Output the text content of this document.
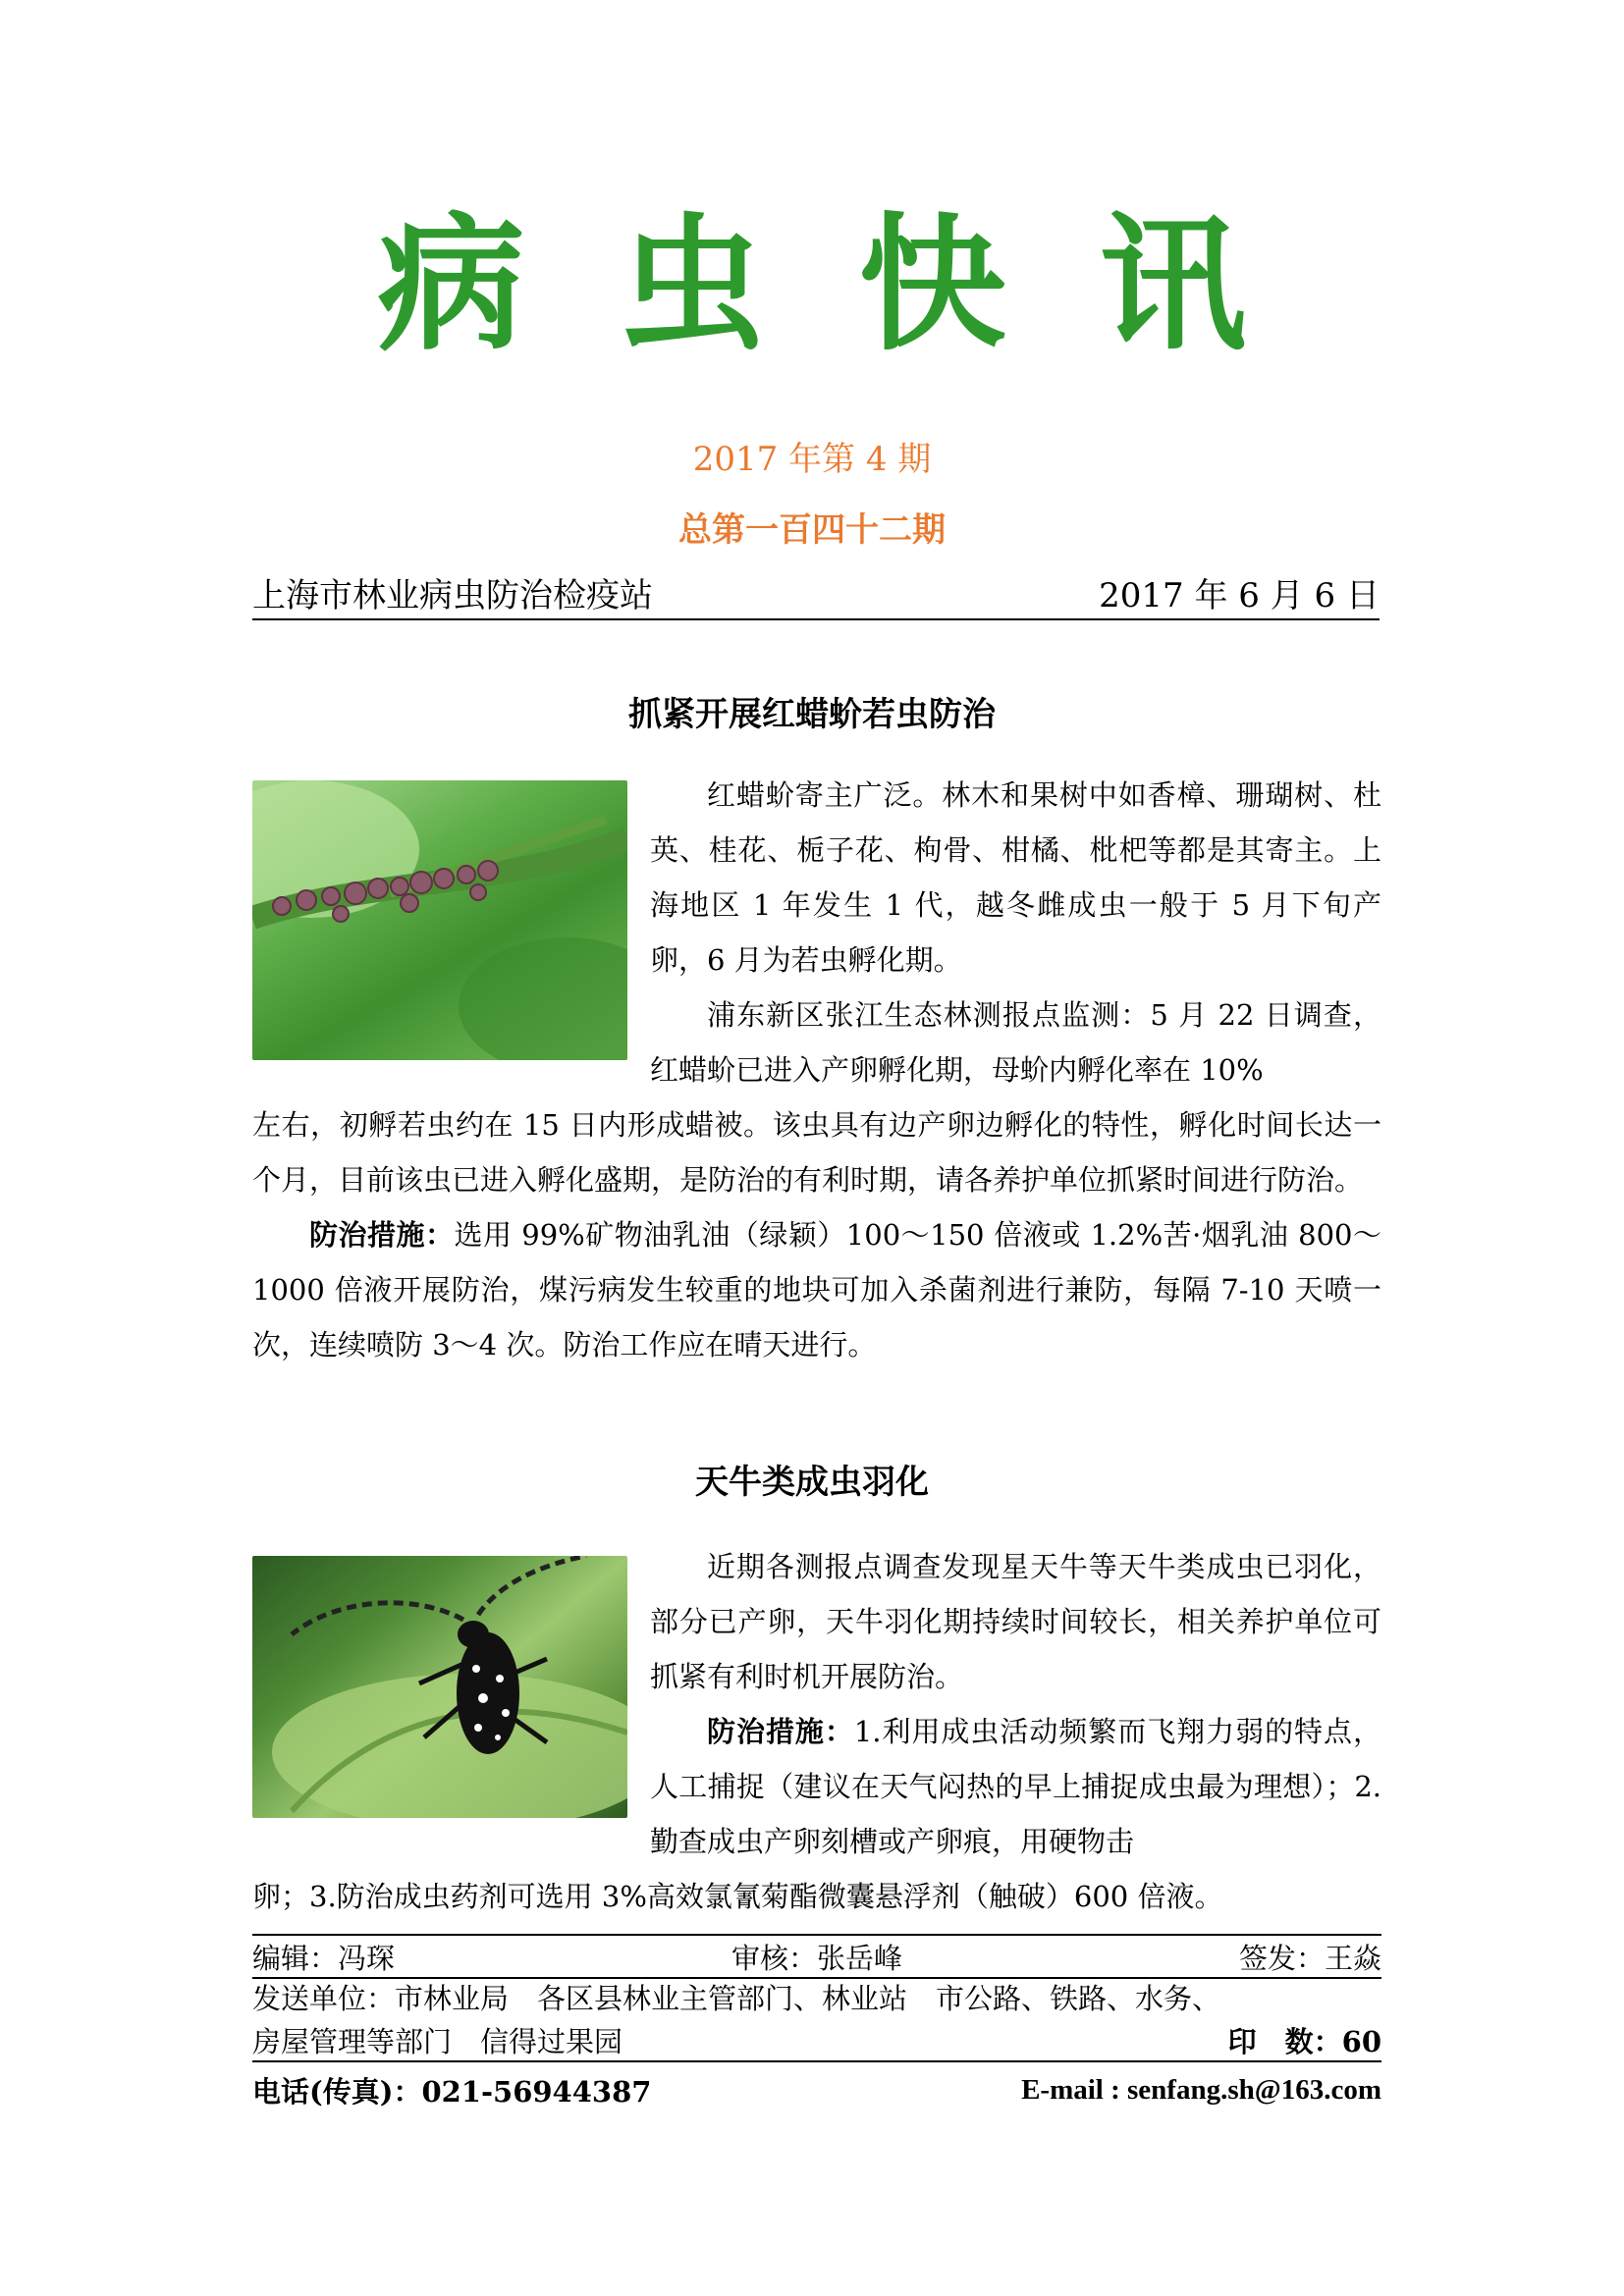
病虫快讯
2017 年第 4 期
总第一百四十二期
上海市林业病虫防治检疫站	2017 年 6 月 6 日
抓紧开展红蜡蚧若虫防治
红蜡蚧寄主广泛。林木和果树中如香樟、珊瑚树、杜英、桂花、栀子花、枸骨、柑橘、枇杷等都是其寄主。上海地区 1 年发生 1 代，越冬雌成虫一般于 5 月下旬产卵，6 月为若虫孵化期。
浦东新区张江生态林测报点监测：5 月 22 日调查，红蜡蚧已进入产卵孵化期，母蚧内孵化率在 10%
左右，初孵若虫约在 15 日内形成蜡被。该虫具有边产卵边孵化的特性，孵化时间长达一个月，目前该虫已进入孵化盛期，是防治的有利时期，请各养护单位抓紧时间进行防治。
防治措施：选用 99%矿物油乳油（绿颖）100～150 倍液或 1.2%苦·烟乳油 800～1000 倍液开展防治，煤污病发生较重的地块可加入杀菌剂进行兼防，每隔 7-10 天喷一次，连续喷防 3～4 次。防治工作应在晴天进行。
天牛类成虫羽化
近期各测报点调查发现星天牛等天牛类成虫已羽化，部分已产卵，天牛羽化期持续时间较长，相关养护单位可抓紧有利时机开展防治。
防治措施：1.利用成虫活动频繁而飞翔力弱的特点，人工捕捉（建议在天气闷热的早上捕捉成虫最为理想）；2.勤查成虫产卵刻槽或产卵痕，用硬物击
卵；3.防治成虫药剂可选用 3%高效氯氰菊酯微囊悬浮剂（触破）600 倍液。
编辑：冯琛	审核：张岳峰	签发：王焱
发送单位：市林业局　各区县林业主管部门、林业站　市公路、铁路、水务、
房屋管理等部门　信得过果园	印　数：60
电话(传真)：021-56944387	E-mail : senfang.sh@163.com
